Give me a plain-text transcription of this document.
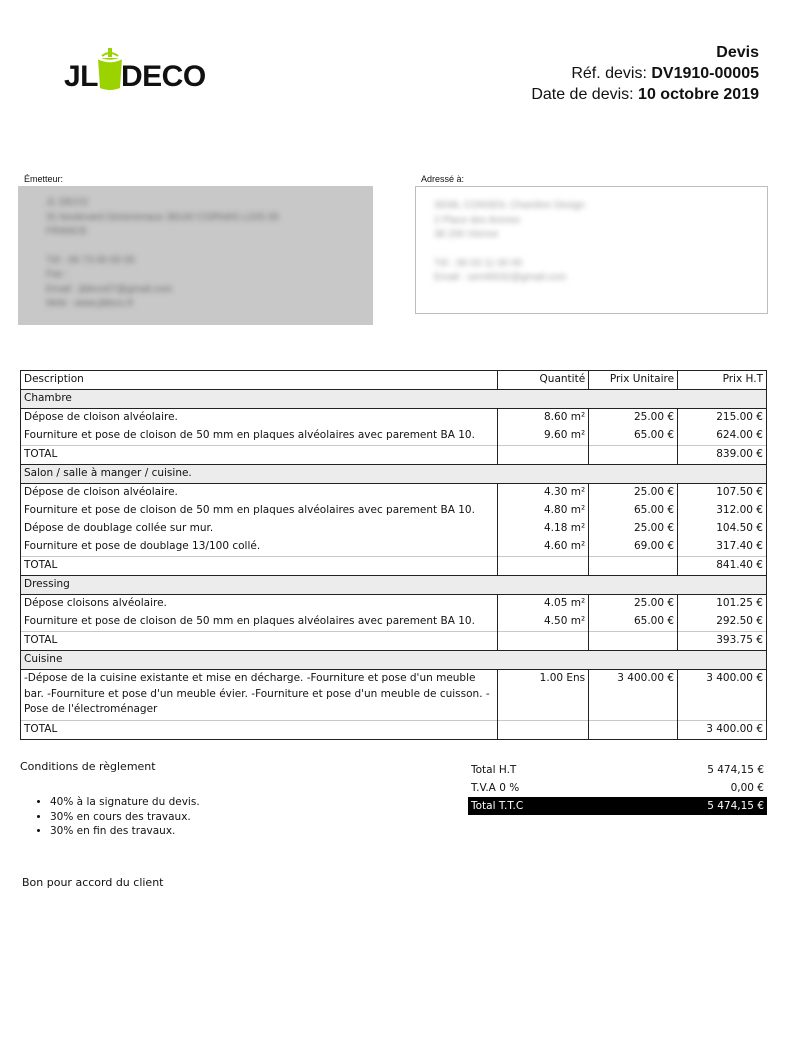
JL DECO
Devis
Réf. devis: DV1910-00005
Date de devis: 10 octobre 2019
Émetteur:
JL DECO
31 boulevard Gimenenaux 38140 CORNAS LOIS 00
FRANCE
Tél : 06 73 00 00 00
Fax :
Email : jldeco07@gmail.com
Web : www.jldeco.fr
Adressé à:
SEML CONSEIL Chambre Design
2 Place des Arenes
38 200 Vienne
Tél : 06 03 11 00 00
Email : seml0032@gmail.com
Description	Quantité	Prix Unitaire	Prix H.T
Chambre			
Dépose de cloison alvéolaire.	8.60 m²	25.00 €	215.00 €
Fourniture et pose de cloison de 50 mm en plaques alvéolaires avec parement BA 10.	9.60 m²	65.00 €	624.00 €
TOTAL			839.00 €
Salon / salle à manger / cuisine.			
Dépose de cloison alvéolaire.	4.30 m²	25.00 €	107.50 €
Fourniture et pose de cloison de 50 mm en plaques alvéolaires avec parement BA 10.	4.80 m²	65.00 €	312.00 €
Dépose de doublage collée sur mur.	4.18 m²	25.00 €	104.50 €
Fourniture et pose de doublage 13/100 collé.	4.60 m²	69.00 €	317.40 €
TOTAL			841.40 €
Dressing			
Dépose cloisons alvéolaire.	4.05 m²	25.00 €	101.25 €
Fourniture et pose de cloison de 50 mm en plaques alvéolaires avec parement BA 10.	4.50 m²	65.00 €	292.50 €
TOTAL			393.75 €
Cuisine			
-Dépose de la cuisine existante et mise en décharge. -Fourniture et pose d'un meuble bar. -Fourniture et pose d'un meuble évier. -Fourniture et pose d'un meuble de cuisson. -Pose de l'électroménager	1.00 Ens	3 400.00 €	3 400.00 €
TOTAL			3 400.00 €
Conditions de règlement
• 40% à la signature du devis.
• 30% en cours des travaux.
• 30% en fin des travaux.
Total H.T	5 474,15 €
T.V.A 0 %	0,00 €
Total T.T.C	5 474,15 €
Bon pour accord du client
